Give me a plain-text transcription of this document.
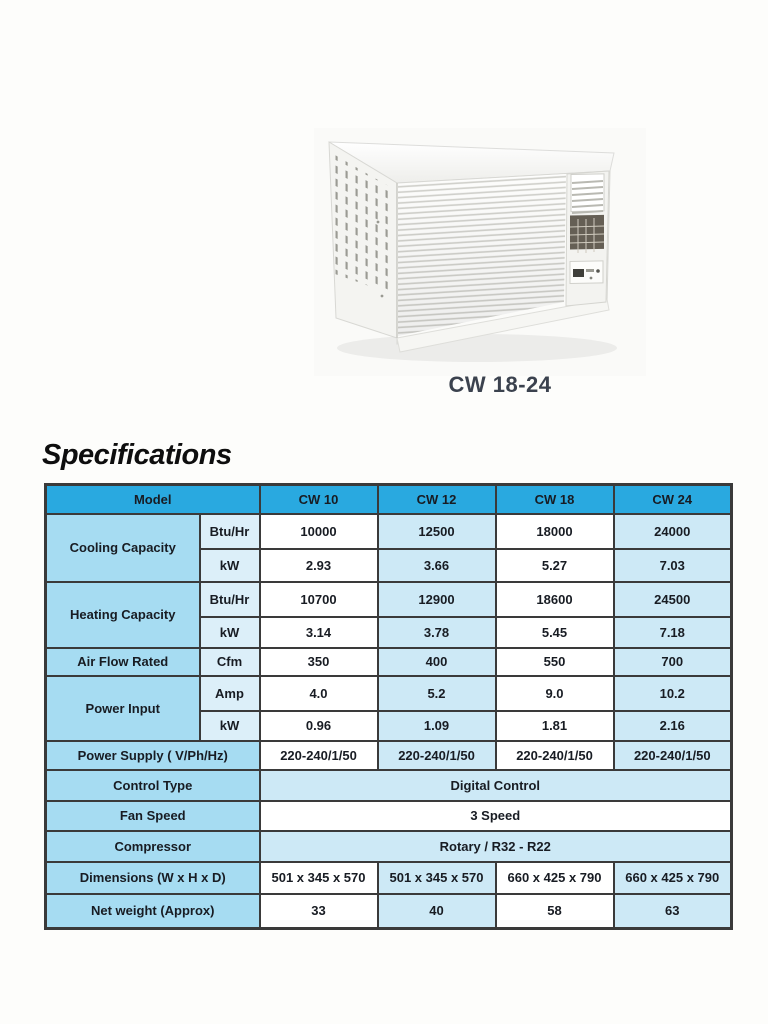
CW 18-24
Specifications
Model		CW 10	CW 12	CW 18	CW 24
Cooling Capacity	Btu/Hr	10000	12500	18000	24000
	kW	2.93	3.66	5.27	7.03
Heating Capacity	Btu/Hr	10700	12900	18600	24500
	kW	3.14	3.78	5.45	7.18
Air Flow Rated	Cfm	350	400	550	700
Power Input	Amp	4.0	5.2	9.0	10.2
	kW	0.96	1.09	1.81	2.16
Power Supply ( V/Ph/Hz)		220-240/1/50	220-240/1/50	220-240/1/50	220-240/1/50
Control Type		Digital Control			
Fan Speed		3 Speed			
Compressor		Rotary / R32 - R22			
Dimensions (W x H x D)		501 x 345 x 570	501 x 345 x 570	660 x 425 x 790	660 x 425 x 790
Net weight (Approx)		33	40	58	63
